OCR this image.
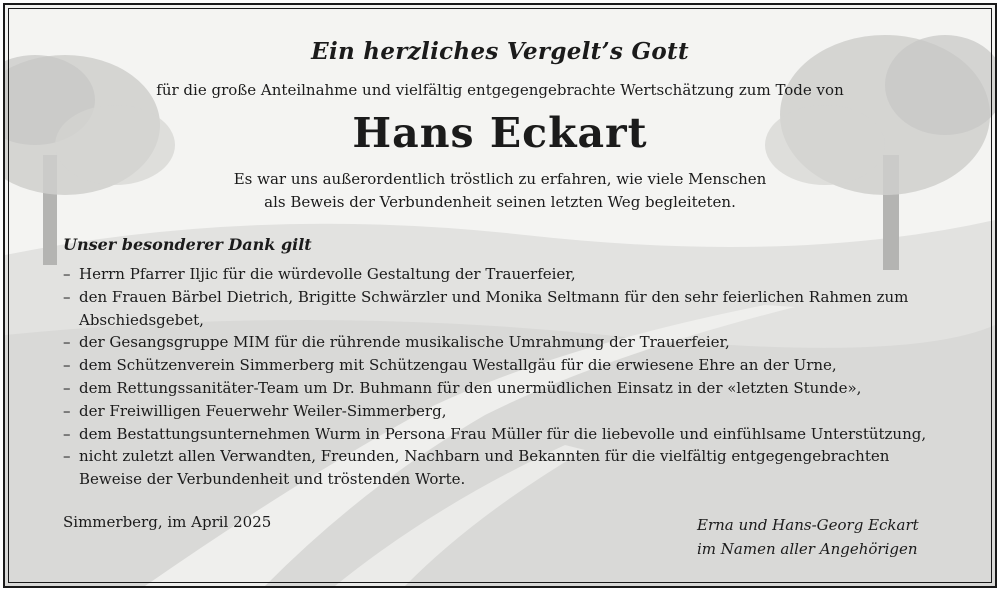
Ein herzliches Vergelt’s Gott
für die große Anteilnahme und vielfältig entgegengebrachte Wertschätzung zum Tode von
Hans Eckart
Es war uns außerordentlich tröstlich zu erfahren, wie viele Menschen
als Beweis der Verbundenheit seinen letzten Weg begleiteten.
Unser besonderer Dank gilt
– Herrn Pfarrer Iljic für die würdevolle Gestaltung der Trauerfeier,
– den Frauen Bärbel Dietrich, Brigitte Schwärzler und Monika Seltmann für den sehr feierlichen Rahmen zum
Abschiedsgebet,
– der Gesangsgruppe MIM für die rührende musikalische Umrahmung der Trauerfeier,
– dem Schützenverein Simmerberg mit Schützengau Westallgäu für die erwiesene Ehre an der Urne,
– dem Rettungssanitäter-Team um Dr. Buhmann für den unermüdlichen Einsatz in der «letzten Stunde»,
– der Freiwilligen Feuerwehr Weiler-Simmerberg,
– dem Bestattungsunternehmen Wurm in Persona Frau Müller für die liebevolle und einfühlsame Unterstützung,
– nicht zuletzt allen Verwandten, Freunden, Nachbarn und Bekannten für die vielfältig entgegengebrachten
Beweise der Verbundenheit und tröstenden Worte.
Simmerberg, im April 2025	Erna und Hans-Georg Eckart
im Namen aller Angehörigen
